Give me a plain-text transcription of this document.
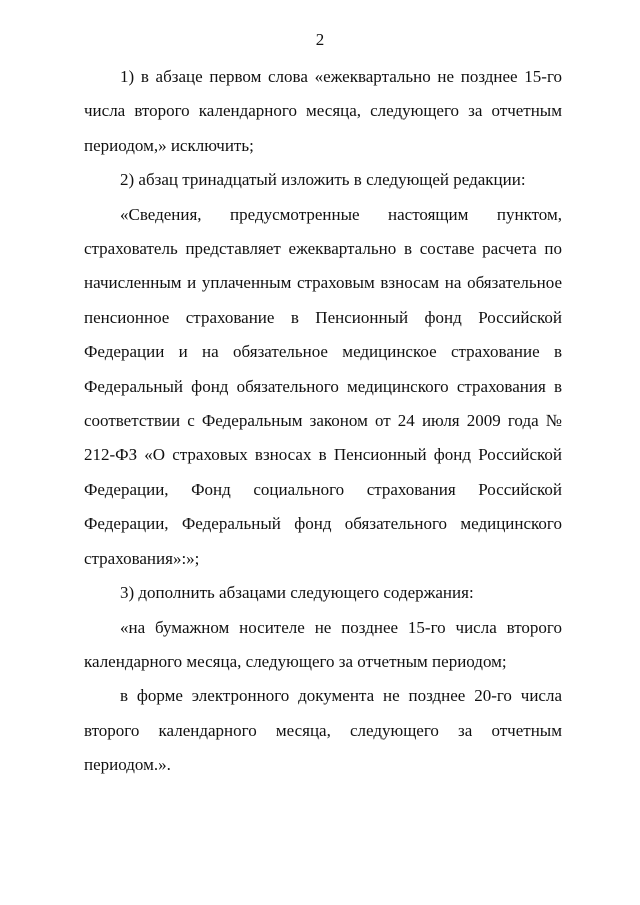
2

1) в абзаце первом слова «ежеквартально не позднее 15-го числа второго календарного месяца, следующего за отчетным периодом,» исключить;

2) абзац тринадцатый изложить в следующей редакции:

«Сведения, предусмотренные настоящим пунктом, страхователь представляет ежеквартально в составе расчета по начисленным и уплаченным страховым взносам на обязательное пенсионное страхование в Пенсионный фонд Российской Федерации и на обязательное медицинское страхование в Федеральный фонд обязательного медицинского страхования в соответствии с Федеральным законом от 24 июля 2009 года № 212-ФЗ «О страховых взносах в Пенсионный фонд Российской Федерации, Фонд социального страхования Российской Федерации, Федеральный фонд обязательного медицинского страхования»:»;

3) дополнить абзацами следующего содержания:

«на бумажном носителе не позднее 15-го числа второго календарного месяца, следующего за отчетным периодом;

в форме электронного документа не позднее 20-го числа второго календарного месяца, следующего за отчетным периодом.».
